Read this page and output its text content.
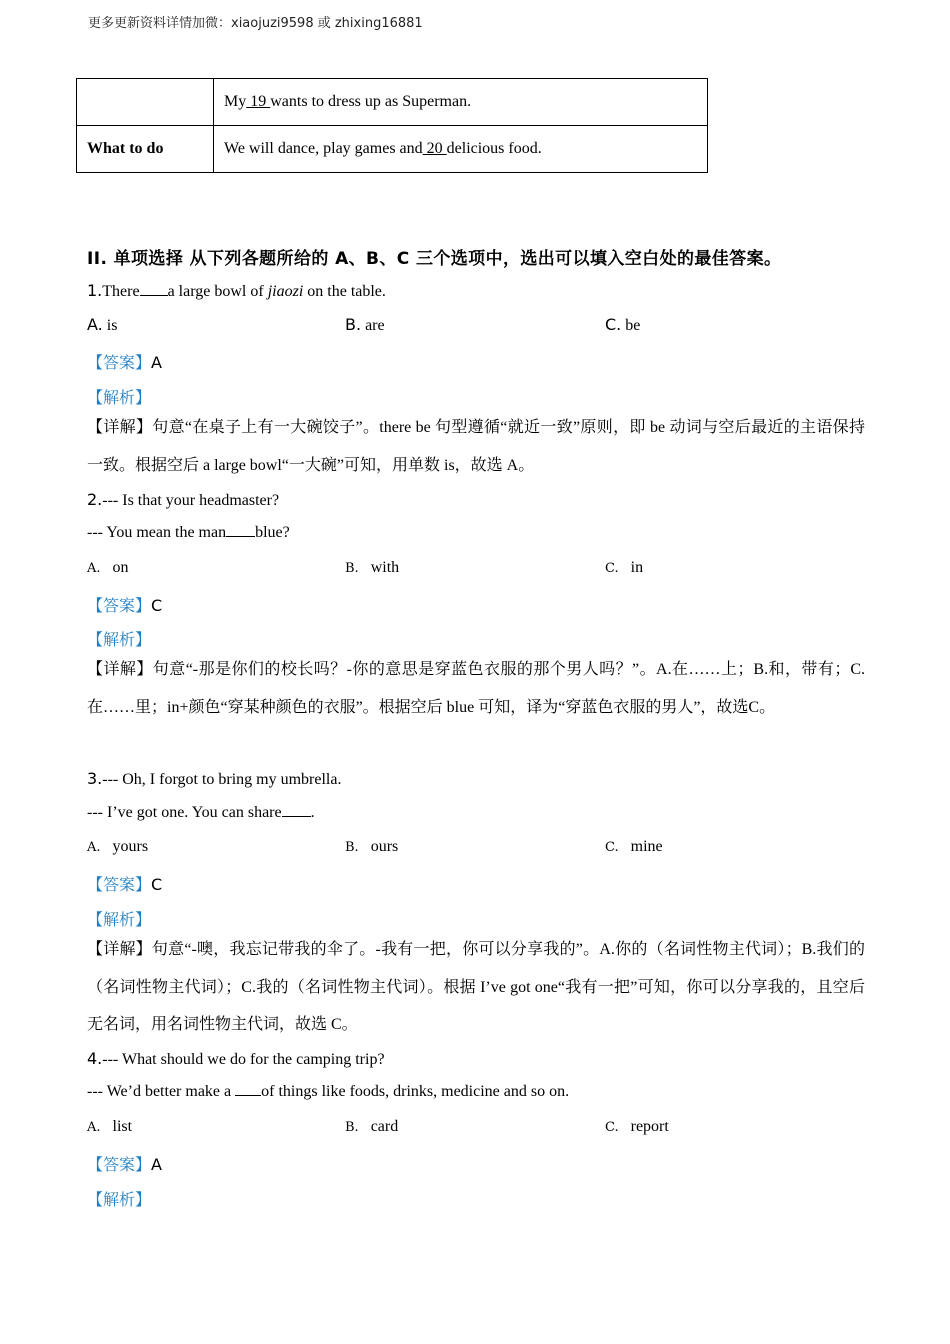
更多更新资料详情加微：xiaojuzi9598 或 zhixing16881
	My 19 wants to dress up as Superman.
What to do	We will dance, play games and 20 delicious food.
II. 单项选择 从下列各题所给的 A、B、C 三个选项中，选出可以填入空白处的最佳答案。
1.There a large bowl of jiaozi on the table.
A. is	B. are	C. be
【答案】A
【解析】
【详解】句意“在桌子上有一大碗饺子”。there be 句型遵循“就近一致”原则，即 be 动词与空后最近的主语保持一致。根据空后 a large bowl“一大碗”可知，用单数 is，故选 A。
2.--- Is that your headmaster?
--- You mean the man blue?
A. on	B. with	C. in
【答案】C
【解析】
【详解】句意“-那是你们的校长吗？-你的意思是穿蓝色衣服的那个男人吗？”。A.在……上；B.和，带有；C.在……里；in+颜色“穿某种颜色的衣服”。根据空后 blue 可知，译为“穿蓝色衣服的男人”，故选C。
3.--- Oh, I forgot to bring my umbrella.
--- I’ve got one. You can share .
A. yours	B. ours	C. mine
【答案】C
【解析】
【详解】句意“-噢，我忘记带我的伞了。-我有一把，你可以分享我的”。A.你的（名词性物主代词）；B.我们的（名词性物主代词）；C.我的（名词性物主代词）。根据 I’ve got one“我有一把”可知，你可以分享我的，且空后无名词，用名词性物主代词，故选 C。
4.--- What should we do for the camping trip?
--- We’d better make a of things like foods, drinks, medicine and so on.
A. list	B. card	C. report
【答案】A
【解析】
